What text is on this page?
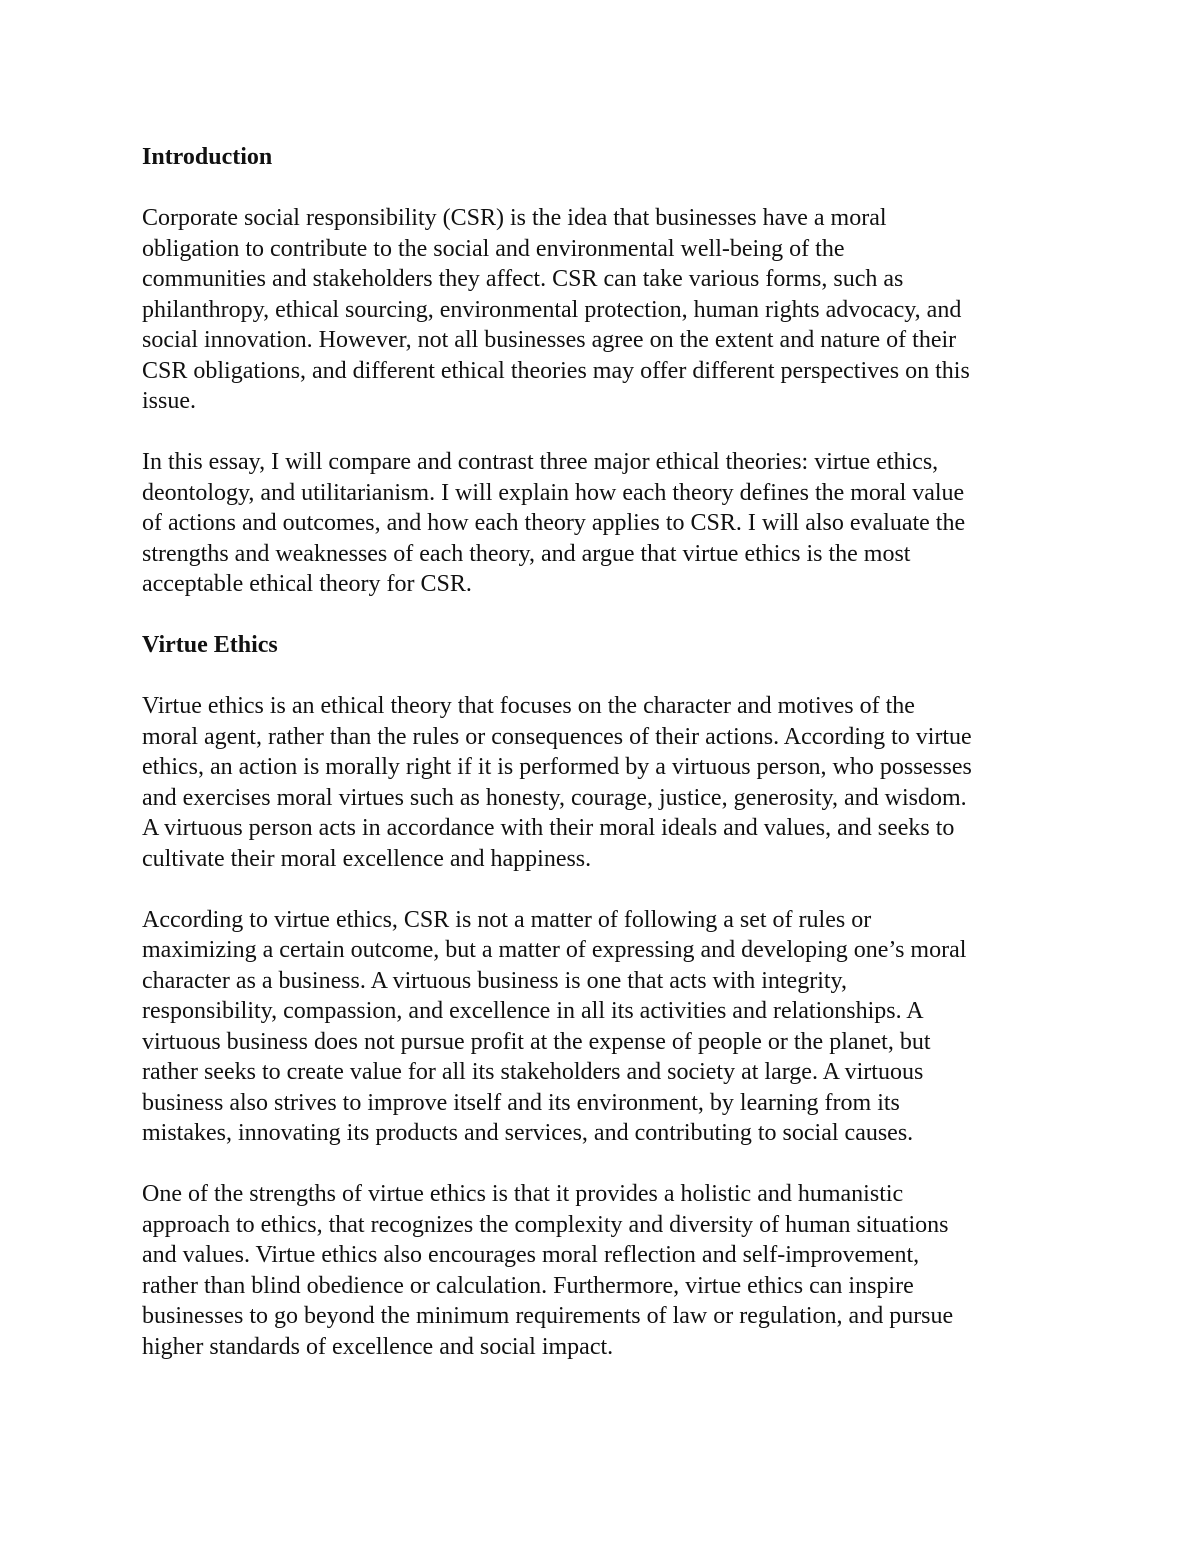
Introduction
Corporate social responsibility (CSR) is the idea that businesses have a moral
obligation to contribute to the social and environmental well-being of the
communities and stakeholders they affect. CSR can take various forms, such as
philanthropy, ethical sourcing, environmental protection, human rights advocacy, and
social innovation. However, not all businesses agree on the extent and nature of their
CSR obligations, and different ethical theories may offer different perspectives on this
issue.
In this essay, I will compare and contrast three major ethical theories: virtue ethics,
deontology, and utilitarianism. I will explain how each theory defines the moral value
of actions and outcomes, and how each theory applies to CSR. I will also evaluate the
strengths and weaknesses of each theory, and argue that virtue ethics is the most
acceptable ethical theory for CSR.
Virtue Ethics
Virtue ethics is an ethical theory that focuses on the character and motives of the
moral agent, rather than the rules or consequences of their actions. According to virtue
ethics, an action is morally right if it is performed by a virtuous person, who possesses
and exercises moral virtues such as honesty, courage, justice, generosity, and wisdom.
A virtuous person acts in accordance with their moral ideals and values, and seeks to
cultivate their moral excellence and happiness.
According to virtue ethics, CSR is not a matter of following a set of rules or
maximizing a certain outcome, but a matter of expressing and developing one’s moral
character as a business. A virtuous business is one that acts with integrity,
responsibility, compassion, and excellence in all its activities and relationships. A
virtuous business does not pursue profit at the expense of people or the planet, but
rather seeks to create value for all its stakeholders and society at large. A virtuous
business also strives to improve itself and its environment, by learning from its
mistakes, innovating its products and services, and contributing to social causes.
One of the strengths of virtue ethics is that it provides a holistic and humanistic
approach to ethics, that recognizes the complexity and diversity of human situations
and values. Virtue ethics also encourages moral reflection and self-improvement,
rather than blind obedience or calculation. Furthermore, virtue ethics can inspire
businesses to go beyond the minimum requirements of law or regulation, and pursue
higher standards of excellence and social impact.
